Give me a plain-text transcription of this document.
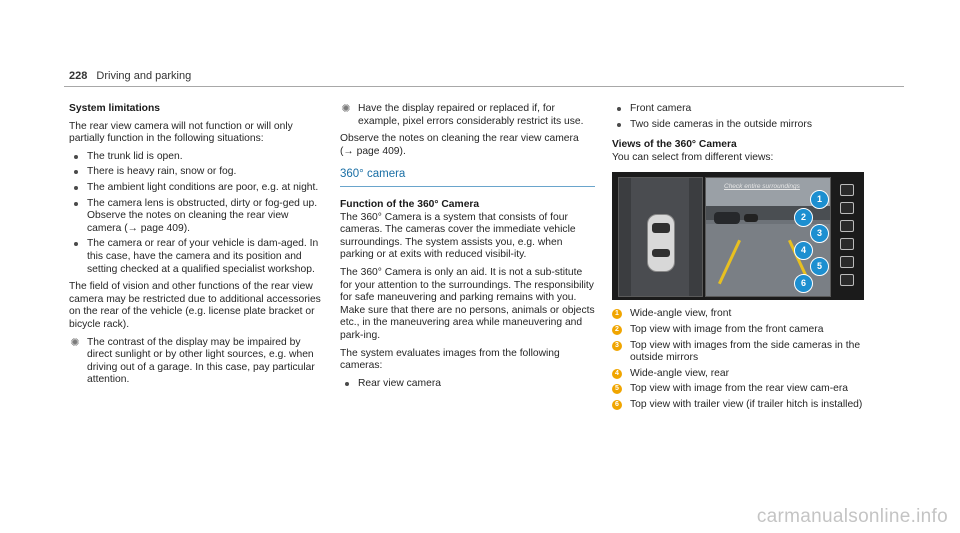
228 Driving and parking

System limitations

The rear view camera will not function or will only partially function in the following situations:

The trunk lid is open.
There is heavy rain, snow or fog.
The ambient light conditions are poor, e.g. at night.
The camera lens is obstructed, dirty or fog-ged up. Observe the notes on cleaning the rear view camera (→ page 409).
The camera or rear of your vehicle is dam-aged. In this case, have the camera and its position and setting checked at a qualified specialist workshop.

The field of vision and other functions of the rear view camera may be restricted due to additional accessories on the rear of the vehicle (e.g. license plate bracket or bicycle rack).

✺ The contrast of the display may be impaired by direct sunlight or by other light sources, e.g. when driving out of a garage. In this case, pay particular attention.
✺ Have the display repaired or replaced if, for example, pixel errors considerably restrict its use.

Observe the notes on cleaning the rear view camera (→ page 409).

360° camera

Function of the 360° Camera

The 360° Camera is a system that consists of four cameras. The cameras cover the immediate vehicle surroundings. The system assists you, e.g. when parking or at exits with reduced visibil-ity.

The 360° Camera is only an aid. It is not a sub-stitute for your attention to the surroundings. The responsibility for safe maneuvering and parking remains with you. Make sure that there are no persons, animals or objects etc., in the maneuvering area while maneuvering and park-ing.

The system evaluates images from the following cameras:

Rear view camera
Front camera
Two side cameras in the outside mirrors

Views of the 360° Camera

You can select from different views:

Check entire surroundings
1
2
3
4
5
6
1 Wide-angle view, front
2 Top view with image from the front camera
3 Top view with images from the side cameras in the outside mirrors
4 Wide-angle view, rear
5 Top view with image from the rear view cam-era
6 Top view with trailer view (if trailer hitch is installed)
carmanualsonline.info
